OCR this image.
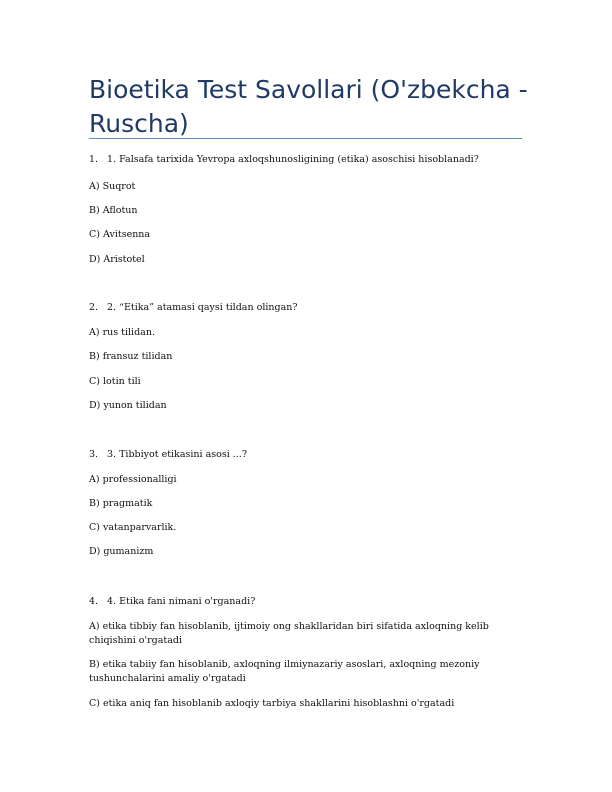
Bioetika Test Savollari (O'zbekcha - Ruscha)

1. 1. Falsafa tarixida Yevropa axloqshunosligining (etika) asoschisi hisoblanadi?

A) Suqrot

B) Aflotun

C) Avitsenna

D) Aristotel

2. 2. “Etika” atamasi qaysi tildan olingan?

A) rus tilidan.

B) fransuz tilidan

C) lotin tili

D) yunon tilidan

3. 3. Tibbiyot etikasini asosi ...?

A) professionalligi

B) pragmatik

C) vatanparvarlik.

D) gumanizm

4. 4. Etika fani nimani o'rganadi?

A) etika tibbiy fan hisoblanib, ijtimoiy ong shakllaridan biri sifatida axloqning kelib chiqishini o'rgatadi

B) etika tabiiy fan hisoblanib, axloqning ilmiynazariy asoslari, axloqning mezoniy tushunchalarini amaliy o'rgatadi

C) etika aniq fan hisoblanib axloqiy tarbiya shakllarini hisoblashni o'rgatadi
